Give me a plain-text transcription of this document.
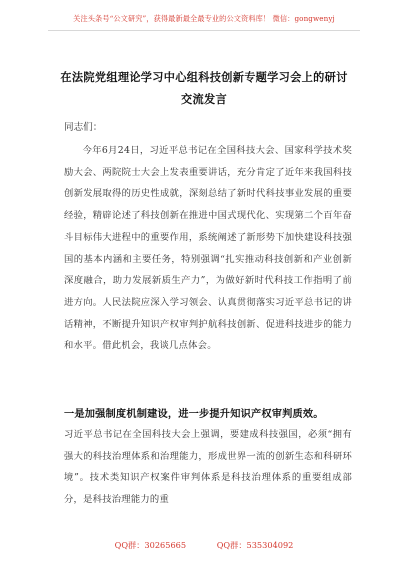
关注头条号“公文研究”，获得最新最全最专业的公文资料库！ 微信：gongwenyj
在法院党组理论学习中心组科技创新专题学习会上的研讨
交流发言
同志们：

今年6月24日，习近平总书记在全国科技大会、国家科学技术奖励大会、两院院士大会上发表重要讲话，充分肯定了近年来我国科技创新发展取得的历史性成就，深刻总结了新时代科技事业发展的重要经验，精辟论述了科技创新在推进中国式现代化、实现第二个百年奋斗目标伟大进程中的重要作用，系统阐述了新形势下加快建设科技强国的基本内涵和主要任务，特别强调“扎实推动科技创新和产业创新深度融合，助力发展新质生产力”，为做好新时代科技工作指明了前进方向。人民法院应深入学习领会、认真贯彻落实习近平总书记的讲话精神，不断提升知识产权审判护航科技创新、促进科技进步的能力和水平。借此机会，我谈几点体会。

一是加强制度机制建设，进一步提升知识产权审判质效。

习近平总书记在全国科技大会上强调，要建成科技强国，必须“拥有强大的科技治理体系和治理能力，形成世界一流的创新生态和科研环境”。技术类知识产权案件审判体系是科技治理体系的重要组成部分，是科技治理能力的重

QQ群：30265665	QQ群：535304092
